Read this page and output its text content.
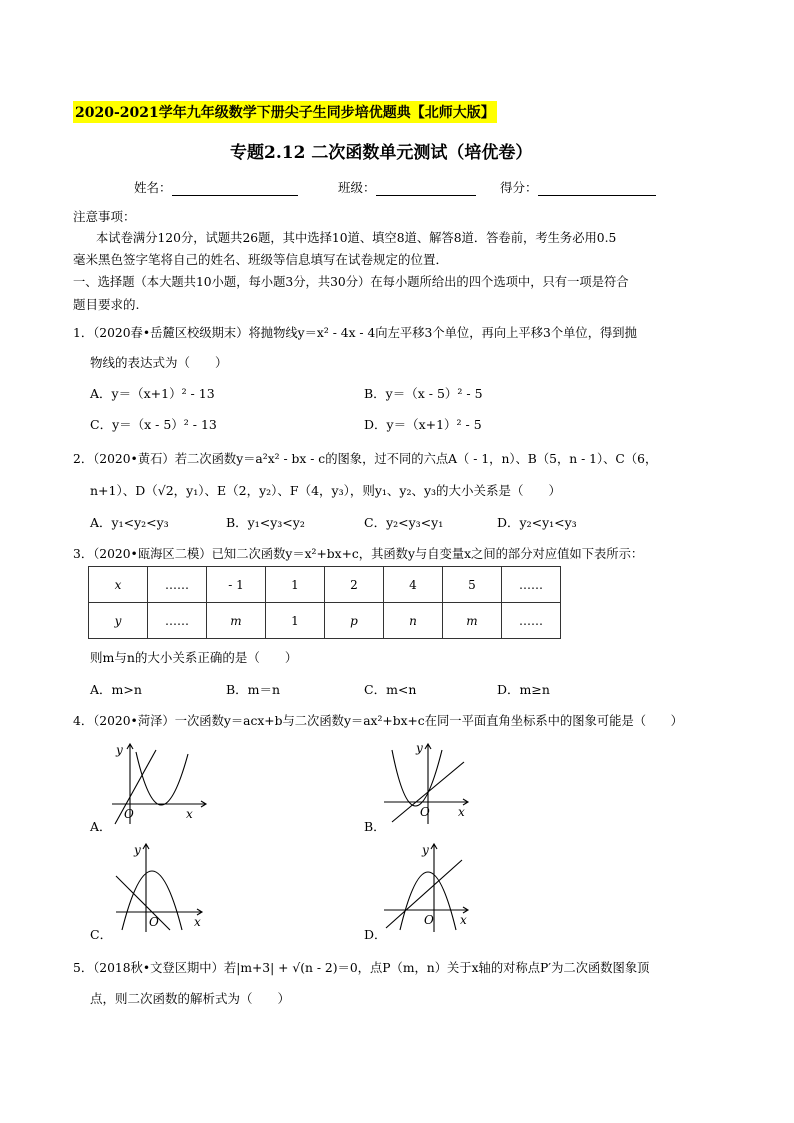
2020-2021学年九年级数学下册尖子生同步培优题典【北师大版】
专题2.12 二次函数单元测试（培优卷）
姓名：	班级：	得分：
注意事项：
本试卷满分120分，试题共26题，其中选择10道、填空8道、解答8道．答卷前，考生务必用0.5
毫米黑色签字笔将自己的姓名、班级等信息填写在试卷规定的位置．
一、选择题（本大题共10小题，每小题3分，共30分）在每小题所给出的四个选项中，只有一项是符合
题目要求的.
1．（2020春•岳麓区校级期末）将抛物线y＝x² - 4x - 4向左平移3个单位，再向上平移3个单位，得到抛
物线的表达式为（　　）
A．y＝（x+1）² - 13	B．y＝（x - 5）² - 5
C．y＝（x - 5）² - 13	D．y＝（x+1）² - 5
2．（2020•黄石）若二次函数y＝a²x² - bx - c的图象，过不同的六点A（ - 1，n）、B（5，n - 1）、C（6，
n+1）、D（√2，y₁）、E（2，y₂）、F（4，y₃），则y₁、y₂、y₃的大小关系是（　　）
A．y₁<y₂<y₃	B．y₁<y₃<y₂	C．y₂<y₃<y₁	D．y₂<y₁<y₃
3．（2020•瓯海区二模）已知二次函数y＝x²+bx+c，其函数y与自变量x之间的部分对应值如下表所示：
x	……	- 1	1	2	4	5	……
y	……	m	1	p	n	m	……
则m与n的大小关系正确的是（　　）
A．m>n	B．m＝n	C．m<n	D．m≥n
4．（2020•菏泽）一次函数y＝acx+b与二次函数y＝ax²+bx+c在同一平面直角坐标系中的图象可能是（　　）
A．
O	x
y
B．
O x
y
C．
O	x
y
D．
O x
y
5．（2018秋•文登区期中）若|m+3| + √(n - 2)＝0，点P（m，n）关于x轴的对称点P′为二次函数图象顶
点，则二次函数的解析式为（　　）
